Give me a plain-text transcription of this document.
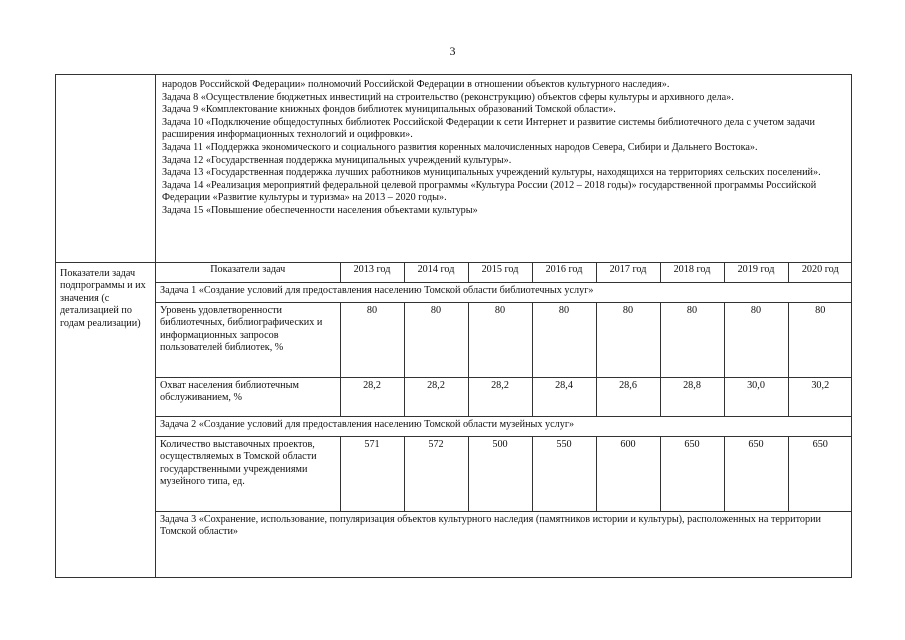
3
народов Российской Федерации» полномочий Российской Федерации в отношении объектов культурного наследия».
Задача 8 «Осуществление бюджетных инвестиций на строительство (реконструкцию) объектов сферы культуры и архивного дела».
Задача 9 «Комплектование книжных фондов библиотек муниципальных образований Томской области».
Задача 10 «Подключение общедоступных библиотек Российской Федерации к сети Интернет и развитие системы библиотечного дела с учетом задачи расширения информационных технологий и оцифровки».
Задача 11 «Поддержка экономического и социального развития коренных малочисленных народов Севера, Сибири и Дальнего Востока».
Задача 12 «Государственная поддержка муниципальных учреждений культуры».
Задача 13 «Государственная поддержка лучших работников муниципальных учреждений культуры, находящихся на территориях сельских поселений».
Задача 14 «Реализация мероприятий федеральной целевой программы «Культура России (2012 – 2018 годы)» государственной программы Российской Федерации «Развитие культуры и туризма» на 2013 – 2020 годы».
Задача 15 «Повышение обеспеченности населения объектами культуры»
Показатели задач подпрограммы и их значения (с детализацией по годам реализации)
Показатели задач	2013 год	2014 год	2015 год	2016 год	2017 год	2018 год	2019 год	2020 год
Задача 1 «Создание условий для предоставления населению Томской области библиотечных услуг»								
Уровень удовлетворенности библиотечных, библиографических и информационных запросов пользователей библиотек, %	80	80	80	80	80	80	80	80
Охват населения библиотечным обслуживанием, %	28,2	28,2	28,2	28,4	28,6	28,8	30,0	30,2
Задача 2 «Создание условий для предоставления населению Томской области музейных услуг»								
Количество выставочных проектов, осуществляемых в Томской области государственными учреждениями музейного типа, ед.	571	572	500	550	600	650	650	650
Задача 3 «Сохранение, использование, популяризация объектов культурного наследия (памятников истории и культуры), расположенных на территории Томской области»								
